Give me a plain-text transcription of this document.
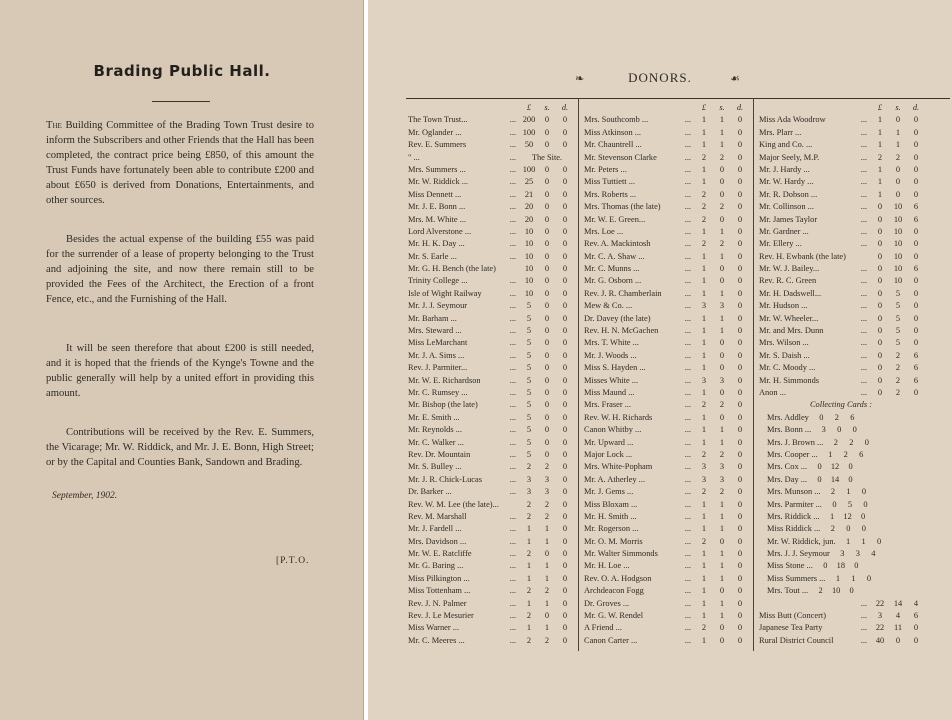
Brading Public Hall.

The Building Committee of the Brading Town Trust desire to inform the Subscribers and other Friends that the Hall has been completed, the contract price being £850, of this amount the Trust Funds have fortunately been able to contribute £200 and about £650 is derived from Donations, Entertainments, and other sources.

Besides the actual expense of the building £55 was paid for the surrender of a lease of property belonging to the Trust and adjoining the site, and now there remain still to be provided the Fees of the Architect, the Erection of a front Fence, etc., and the Furnishing of the Hall.

It will be seen therefore that about £200 is still needed, and it is hoped that the friends of the Kynge's Towne and the public generally will help by a united effort in providing this amount.

Contributions will be received by the Rev. E. Summers, the Vicarage; Mr. W. Riddick, and Mr. J. E. Bonn, High Street; or by the Capital and Counties Bank, Sandown and Brading.

September, 1902.
[P.T.O.
❧	DONORS.	☙
£	s.	d.
The Town Trust...	... 200	0	0
Mr. Oglander ...	... 100	0	0
Rev. E. Summers	...	50	0	0
" ...	...	The Site.
Mrs. Summers ...	... 100	0	0
Mr. W. Riddick ...	...	25	0	0
Miss Dennett ...	...	21	0	0
Mr. J. E. Bonn ...	...	20	0	0
Mrs. M. White ...	...	20	0	0
Lord Alverstone ...	...	10	0	0
Mr. H. K. Day ...	...	10	0	0
Mr. S. Earle ...	...	10	0	0
Mr. G. H. Bench (the late)	10	0	0
Trinity College ...	...	10	0	0
Isle of Wight Railway	...	10	0	0
Mr. J. J. Seymour	...	5	0	0
Mr. Barham ...	...	5	0	0
Mrs. Steward ...	...	5	0	0
Miss LeMarchant	...	5	0	0
Mr. J. A. Sims ...	...	5	0	0
Rev. J. Parmiter...	...	5	0	0
Mr. W. E. Richardson	...	5	0	0
Mr. C. Rumsey ...	...	5	0	0
Mr. Bishop (the late)	...	5	0	0
Mr. E. Smith ...	...	5	0	0
Mr. Reynolds ...	...	5	0	0
Mr. C. Walker ...	...	5	0	0
Rev. Dr. Mountain	...	5	0	0
Mr. S. Bulley ...	...	2	2	0
Mr. J. R. Chick-Lucas	...	3	3	0
Dr. Barker ...	...	3	3	0
Rev. W. M. Lee (the late)...	2	2	0
Rev. M. Marshall	...	2	2	0
Mr. J. Fardell ...	...	1	1	0
Mrs. Davidson ...	...	1	1	0
Mr. W. E. Ratcliffe	...	2	0	0
Mr. G. Baring ...	...	1	1	0
Miss Pilkington ...	...	1	1	0
Miss Tottenham ...	...	2	2	0
Rev. J. N. Palmer	...	1	1	0
Rev. J. Le Mesurier	...	2	0	0
Miss Warner ...	...	1	1	0
Mr. C. Meeres ...	...	2	2	0
£	s.	d.
Mrs. Southcomb ...	...	1	1	0
Miss Atkinson ...	...	1	1	0
Mr. Chauntrell ...	...	1	1	0
Mr. Stevenson Clarke	...	2	2	0
Mr. Peters ...	...	1	0	0
Miss Tuttiett ...	...	1	0	0
Mrs. Roberts ...	...	2	0	0
Mrs. Thomas (the late)	...	2	2	0
Mr. W. E. Green...	...	2	0	0
Mrs. Loe ...	...	1	1	0
Rev. A. Mackintosh	...	2	2	0
Mr. C. A. Shaw ...	...	1	1	0
Mr. C. Munns ...	...	1	0	0
Mr. G. Osborn ...	...	1	0	0
Rev. J. R. Chamberlain	...	1	1	0
Mew & Co. ...	...	3	3	0
Dr. Davey (the late)	...	1	1	0
Rev. H. N. McGachen	...	1	1	0
Mrs. T. White ...	...	1	0	0
Mr. J. Woods ...	...	1	0	0
Miss S. Hayden ...	...	1	0	0
Misses White ...	...	3	3	0
Miss Maund ...	...	1	0	0
Mrs. Fraser ...	...	2	2	0
Rev. W. H. Richards	...	1	0	0
Canon Whitby ...	...	1	1	0
Mr. Upward ...	...	1	1	0
Major Lock ...	...	2	2	0
Mrs. White-Popham	...	3	3	0
Mr. A. Atherley ...	...	3	3	0
Mr. J. Gems ...	...	2	2	0
Miss Bloxam ...	...	1	1	0
Mr. H. Smith ...	...	1	1	0
Mr. Rogerson ...	...	1	1	0
Mr. O. M. Morris	...	2	0	0
Mr. Walter Simmonds	...	1	1	0
Mr. H. Loe ...	...	1	1	0
Rev. O. A. Hodgson	...	1	1	0
Archdeacon Fogg	...	1	0	0
Dr. Groves ...	...	1	1	0
Mr. G. W. Rendel	...	1	1	0
A Friend ...	...	2	0	0
Canon Carter ...	...	1	0	0
£	s.	d.
Miss Ada Woodrow	...	1	0	0
Mrs. Plarr ...	...	1	1	0
King and Co. ...	...	1	1	0
Major Seely, M.P.	...	2	2	0
Mr. J. Hardy ...	...	1	0	0
Mr. W. Hardy ...	...	1	0	0
Mr. R. Dobson ...	...	1	0	0
Mr. Collinson ...	...	0	10	6
Mr. James Taylor	...	0	10	6
Mr. Gardner ...	...	0	10	0
Mr. Ellery ...	...	0	10	0
Rev. H. Ewbank (the late)	0	10	0
Mr. W. J. Bailey...	...	0	10	6
Rev. R. C. Green	...	0	10	0
Mr. H. Dadswell...	...	0	5	0
Mr. Hudson ...	...	0	5	0
Mr. W. Wheeler...	...	0	5	0
Mr. and Mrs. Dunn	...	0	5	0
Mrs. Wilson ...	...	0	5	0
Mr. S. Daish ...	...	0	2	6
Mr. C. Moody ...	...	0	2	6
Mr. H. Simmonds	...	0	2	6
Anon ...	...	0	2	0
Collecting Cards :
Mrs. Addley	0	2	6
Mrs. Bonn ...	3	0	0
Mrs. J. Brown ...	2	2	0
Mrs. Cooper ...	1	2	6
Mrs. Cox ...	0	12	0
Mrs. Day ...	0	14	0
Mrs. Munson ...	2	1	0
Mrs. Parmiter ...	0	5	0
Mrs. Riddick ...	1	12	0
Miss Riddick ...	2	0	0
Mr. W. Riddick, jun.	1	1	0
Mrs. J. J. Seymour	3	3	4
Miss Stone ...	0	18	0
Miss Summers ...	1	1	0
Mrs. Tout ...	2	10	0
...	22	14	4
Miss Butt (Concert)	...	3	4	6
Japanese Tea Party	...	22	11	0
Rural District Council	...	40	0	0
